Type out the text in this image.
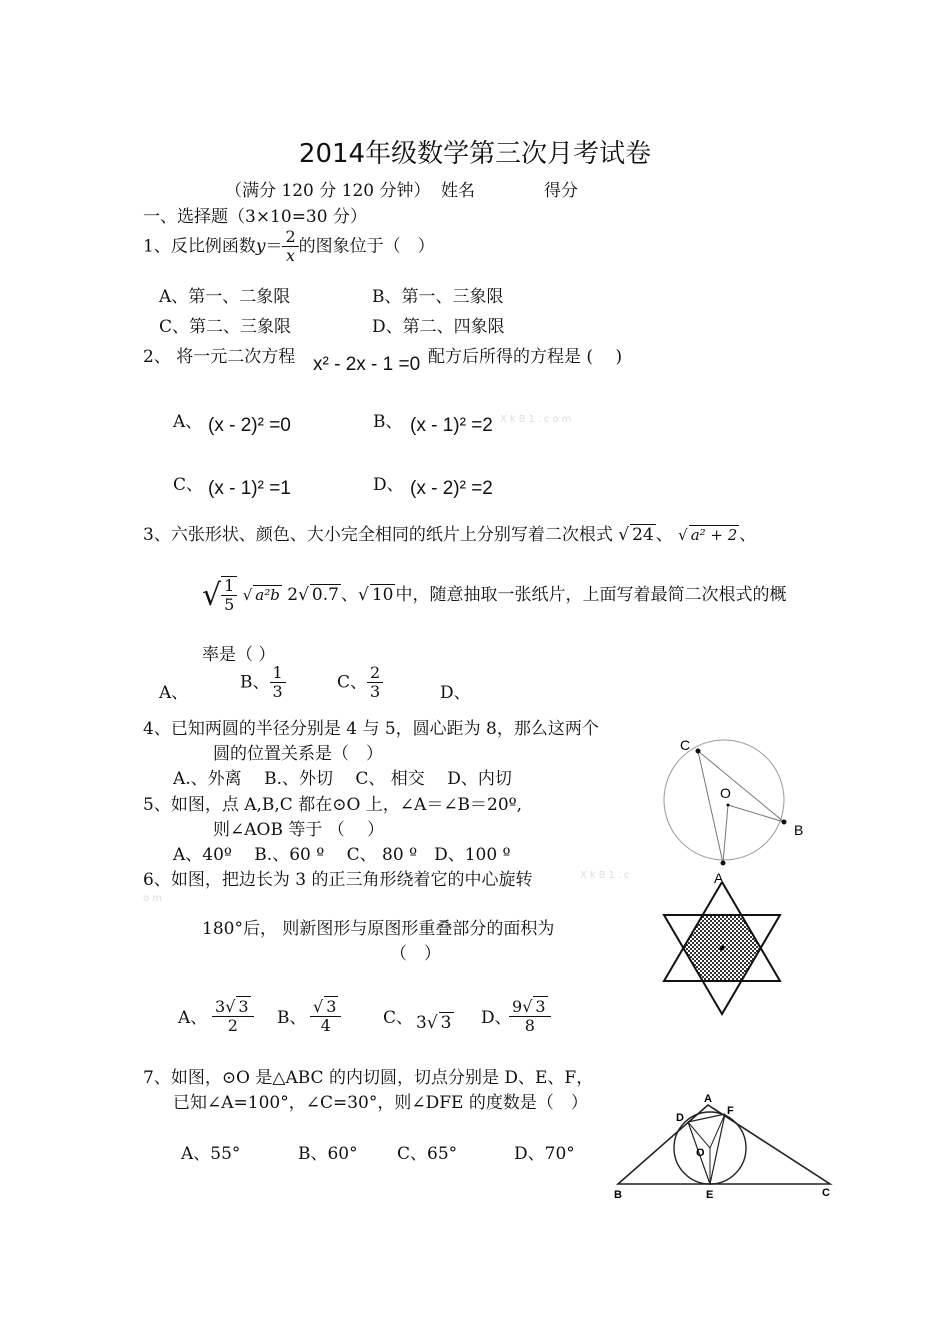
2014年级数学第三次月考试卷
（满分 120 分 120 分钟） 姓名	得分
一、选择题（3×10=30 分）
1、反比例函数$y= \frac{2}{x}$ 的图象位于（　）
A、第一、二象限	B、第一、三象限
C、第二、三象限	D、第二、四象限
2、 将一元二次方程 x² - 2x - 1 =0 配方后所得的方程是 (　 )
A、 (x - 2)² =0	B、 (x - 1)² =2 XkB1.com
C、 (x - 1)² =1	D、 (x - 2)² =2
3、六张形状、颜色、大小完全相同的纸片上分别写着二次根式 √ 24 、 √ a² + 2 、
√ $\frac{1}{5}$ √ a²b 2√ 0.7 、√ 10 中，随意抽取一张纸片，上面写着最简二次根式的概
率是（ ）
A、
B、 $\frac{1}{3}$	C、 $\frac{2}{3}$	D、
4、已知两圆的半径分别是 4 与 5，圆心距为 8，那么这两个
圆的位置关系是（　）
A.、外离　 B.、外切　 C、 相交　 D、内切
5、如图，点 A,B,C 都在⊙O 上，∠A＝∠B＝20º,
则∠AOB 等于 （　 ）
A、40º　 B.、60 º　 C、 80 º　D、100 º
C
O
B
A
6、如图，把边长为 3 的正三角形绕着它的中心旋转	XkB1.c
om
180°后， 则新图形与原图形重叠部分的面积为
（　）
A、 $\frac{3√ 3}{2}$ B、 $\frac{√ 3}{4}$ C、 3√ 3 D、
$\frac{9√ 3}{8}$
7、如图，⊙O 是△ABC 的内切圆，切点分别是 D、E、F，
已知∠A=100°，∠C=30°，则∠DFE 的度数是（　）
A、55°	B、60° C、65°	D、70°
A
D
F
O
B	E	C
